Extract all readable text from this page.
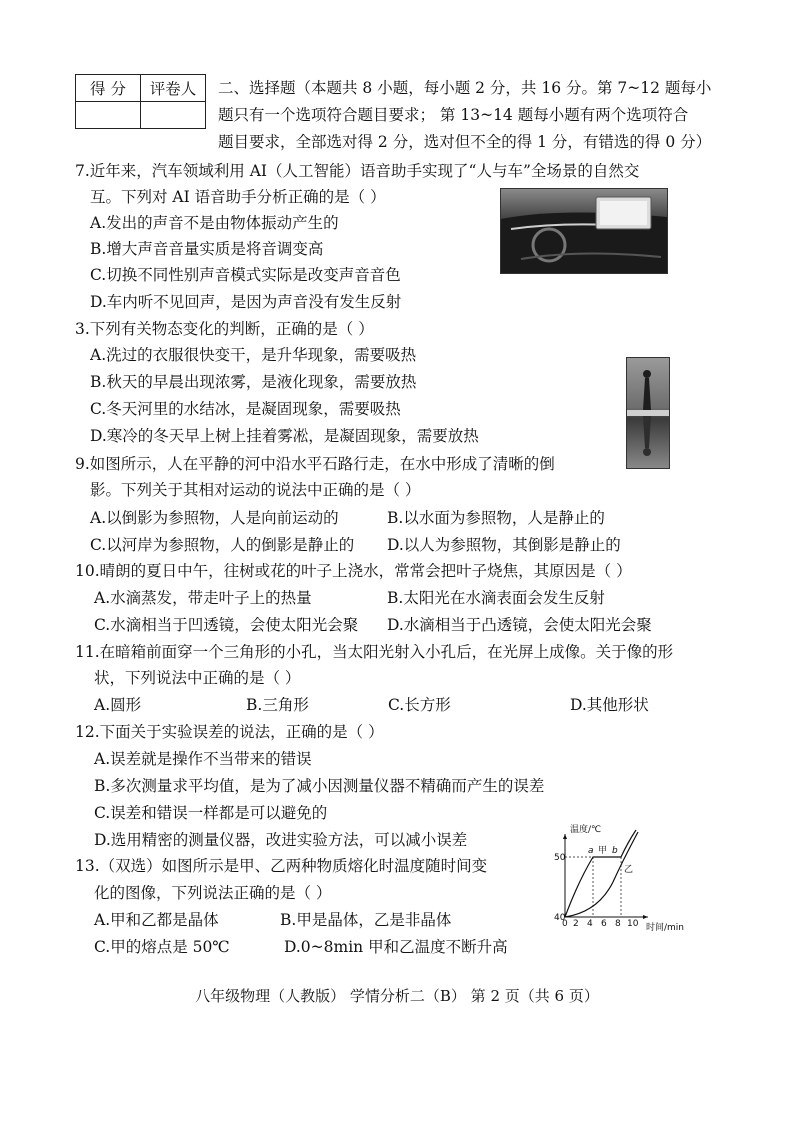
得 分	评卷人
	二、选择题（本题共 8 小题，每小题 2 分，共 16 分。第 7~12 题每小
题只有一个选项符合题目要求； 第 13~14 题每小题有两个选项符合
题目要求，全部选对得 2 分，选对但不全的得 1 分，有错选的得 0 分）
7.近年来，汽车领域利用 AI（人工智能）语音助手实现了“人与车”全场景的自然交
互。下列对 AI 语音助手分析正确的是（ ）
A.发出的声音不是由物体振动产生的
B.增大声音音量实质是将音调变高
C.切换不同性别声音模式实际是改变声音音色
D.车内听不见回声，是因为声音没有发生反射
3.下列有关物态变化的判断，正确的是（ ）
A.洗过的衣服很快变干，是升华现象，需要吸热
B.秋天的早晨出现浓雾，是液化现象，需要放热
C.冬天河里的水结冰，是凝固现象，需要吸热
D.寒冷的冬天早上树上挂着雾凇，是凝固现象，需要放热
9.如图所示，人在平静的河中沿水平石路行走，在水中形成了清晰的倒
影。下列关于其相对运动的说法中正确的是（ ）
A.以倒影为参照物，人是向前运动的	B.以水面为参照物，人是静止的
C.以河岸为参照物，人的倒影是静止的 D.以人为参照物，其倒影是静止的
10.晴朗的夏日中午，往树或花的叶子上浇水，常常会把叶子烧焦，其原因是（ ）
A.水滴蒸发，带走叶子上的热量	B.太阳光在水滴表面会发生反射
C.水滴相当于凹透镜，会使太阳光会聚 D.水滴相当于凸透镜，会使太阳光会聚
11.在暗箱前面穿一个三角形的小孔，当太阳光射入小孔后，在光屏上成像。关于像的形
状，下列说法中正确的是（ ）
A.圆形	B.三角形	C.长方形	D.其他形状
12.下面关于实验误差的说法，正确的是（ ）
A.误差就是操作不当带来的错误
B.多次测量求平均值，是为了减小因测量仪器不精确而产生的误差
C.误差和错误一样都是可以避免的
D.选用精密的测量仪器，改进实验方法，可以减小误差
13.（双选）如图所示是甲、乙两种物质熔化时温度随时间变
化的图像，下列说法正确的是（ ）
A.甲和乙都是晶体	B.甲是晶体，乙是非晶体
C.甲的熔点是 50℃	D.0~8min 甲和乙温度不断升高
温度/℃
时间/min
50
40
0 2 4 6 8 10
a 甲 b
乙
八年级物理（人教版） 学情分析二（B） 第 2 页（共 6 页）
